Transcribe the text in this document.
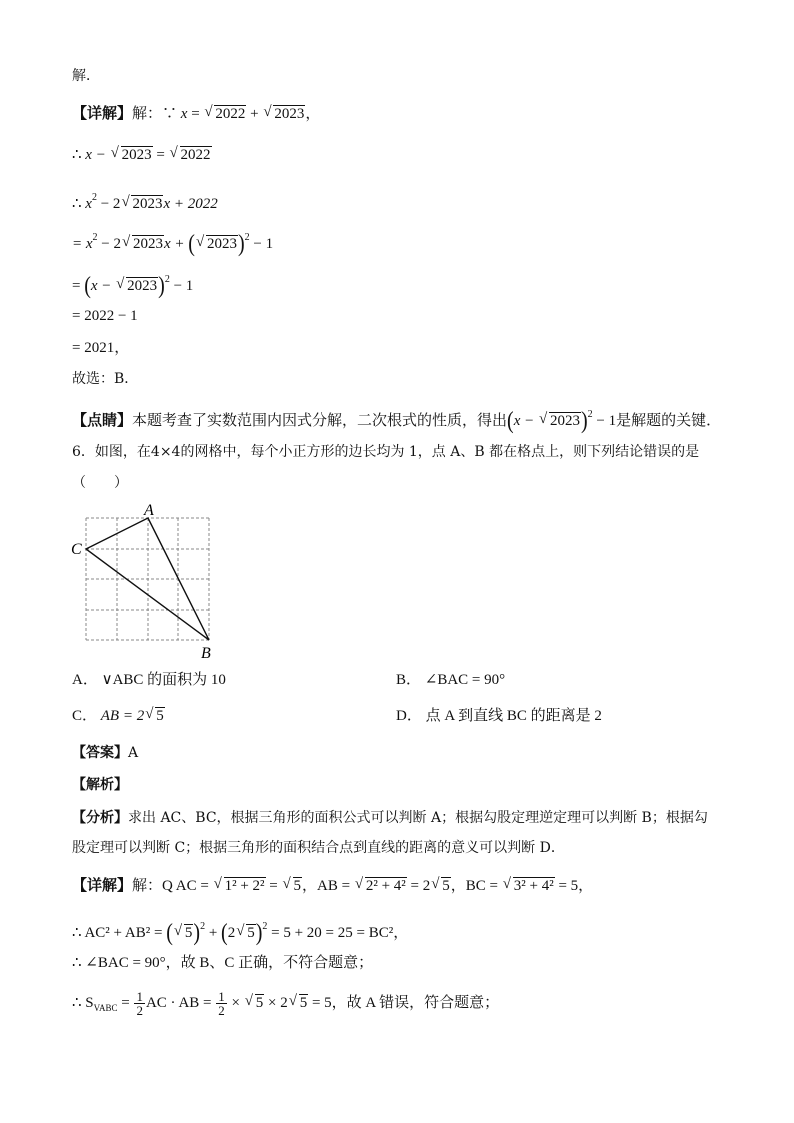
解．
【详解】解：∵ x = √ 2022 + √ 2023，
∴ x − √ 2023 = √ 2022
∴ $x^2 - 2√$ 2023x + 2022
= $x^2 - 2√$ 2023x + (√ 2023)$^2$ − 1
= (x − √ 2023)$^2$ − 1
= 2022 − 1
= 2021，
故选：B．
【点睛】本题考查了实数范围内因式分解，二次根式的性质，得出(x − √ 2023)$^2$ − 1是解题的关键．
6．如图，在4×4的网格中，每个小正方形的边长均为 1，点 A、B 都在格点上，则下列结论错误的是
（　　）
A
C
B
A． ∨ABC 的面积为 10	B． ∠BAC = 90°
C． AB = 2√ 5	D． 点 A 到直线 BC 的距离是 2
【答案】A
【解析】
【分析】求出 AC、BC，根据三角形的面积公式可以判断 A；根据勾股定理逆定理可以判断 B；根据勾
股定理可以判断 C；根据三角形的面积结合点到直线的距离的意义可以判断 D．
【详解】解：Q AC = √ 1² + 2² = √ 5，AB = √ 2² + 4² = 2√ 5，BC = √ 3² + 4² = 5，
∴ AC² + AB² = (√ 5)$^2$ + (2√ 5)$^2$ = 5 + 20 = 25 = BC²，
∴ ∠BAC = 90°，故 B、C 正确，不符合题意；
∴ $S_{VABC} = \frac{1}{2}$ AC · AB = $\frac{1}{2}$ × √ 5 × 2√ 5 = 5，故 A 错误，符合题意；
